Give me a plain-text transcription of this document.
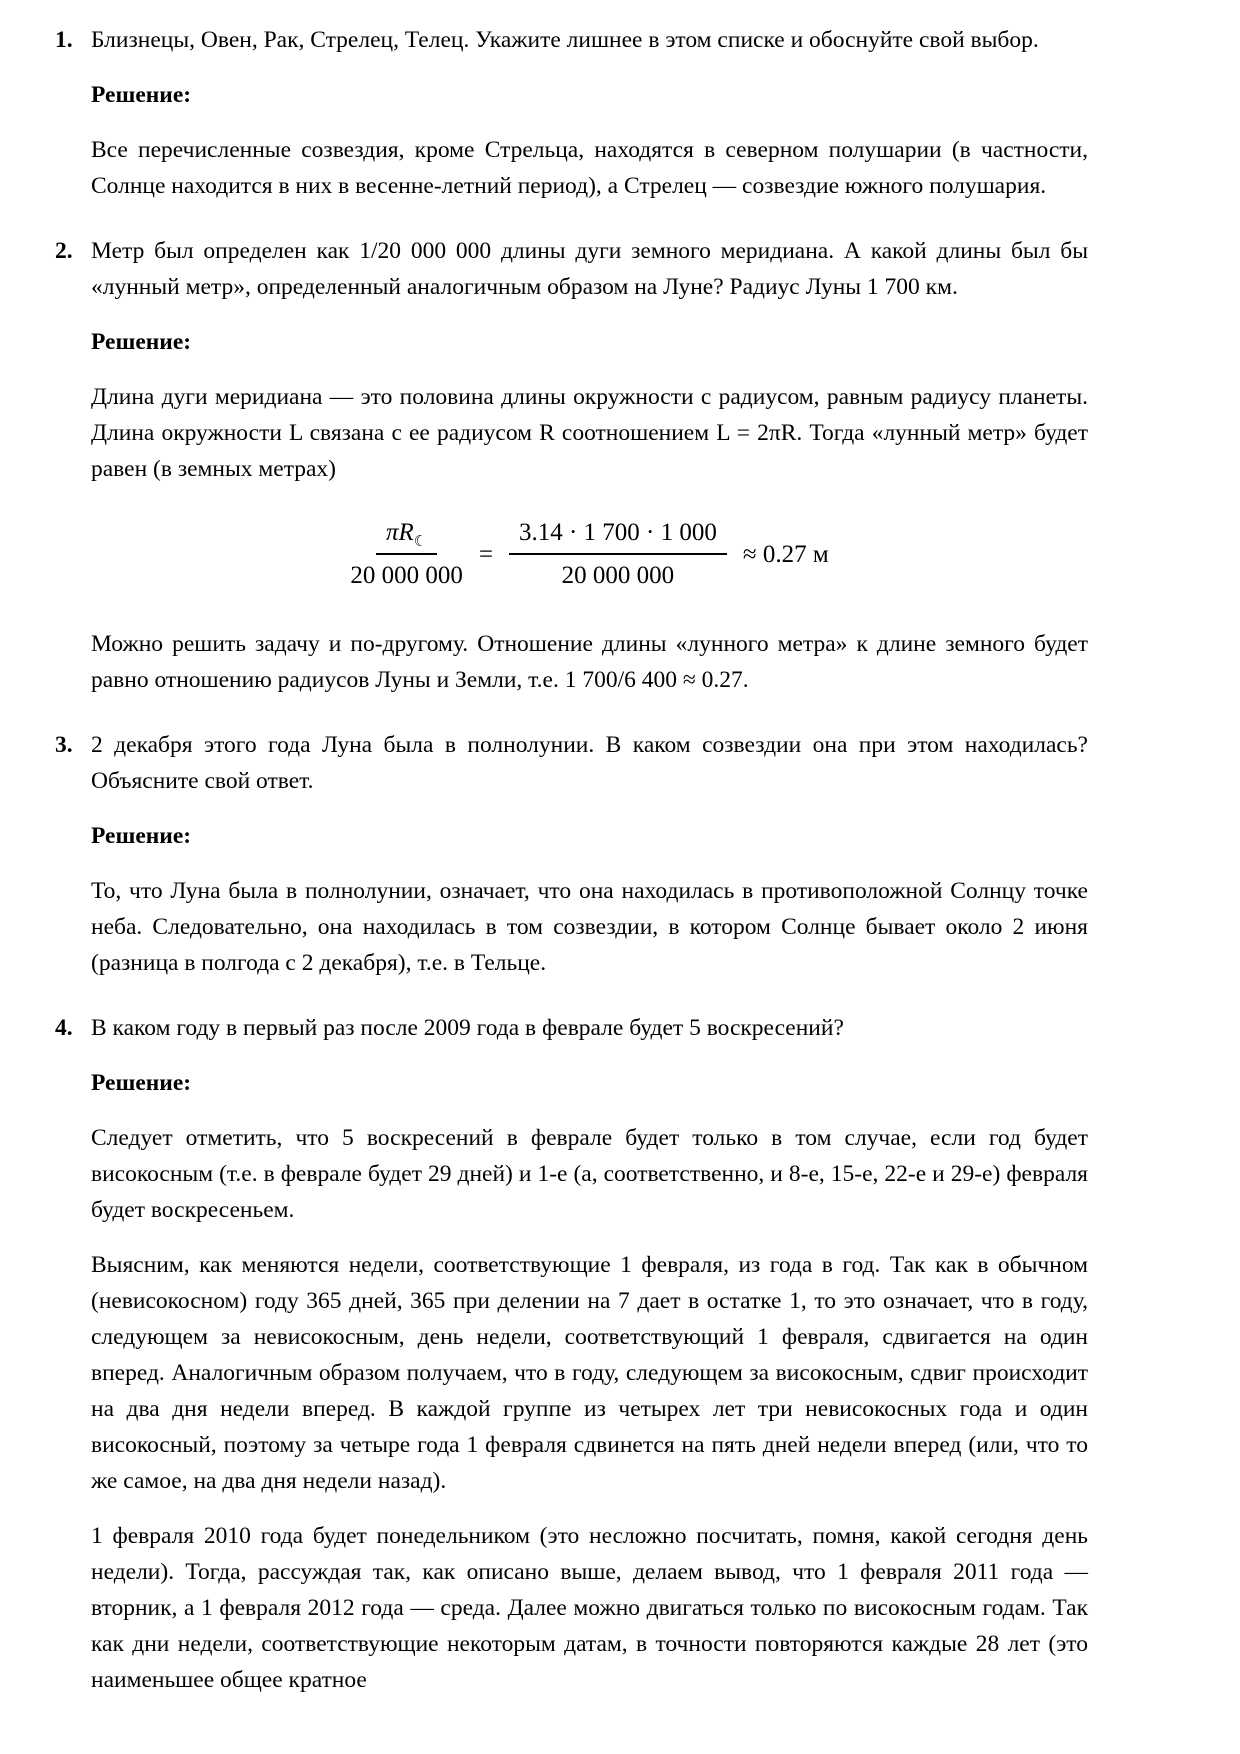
1. Близнецы, Овен, Рак, Стрелец, Телец. Укажите лишнее в этом списке и обоснуйте свой выбор.

Решение:

Все перечисленные созвездия, кроме Стрельца, находятся в северном полушарии (в частности, Солнце находится в них в весенне-летний период), а Стрелец — созвездие южного полушария.

2. Метр был определен как 1/20 000 000 длины дуги земного меридиана. А какой длины был бы «лунный метр», определенный аналогичным образом на Луне? Радиус Луны 1 700 км.

Решение:

Длина дуги меридиана — это половина длины окружности с радиусом, равным радиусу планеты. Длина окружности L связана с ее радиусом R соотношением L = 2πR. Тогда «лунный метр» будет равен (в земных метрах)

$\frac{\pi R_☾}{20 000 000} = \frac{3.14 \cdot 1 700 \cdot 1 000}{20 000 000} \approx 0.27$ м

Можно решить задачу и по-другому. Отношение длины «лунного метра» к длине земного будет равно отношению радиусов Луны и Земли, т.е. 1 700/6 400 ≈ 0.27.

3. 2 декабря этого года Луна была в полнолунии. В каком созвездии она при этом находилась? Объясните свой ответ.

Решение:

То, что Луна была в полнолунии, означает, что она находилась в противоположной Солнцу точке неба. Следовательно, она находилась в том созвездии, в котором Солнце бывает около 2 июня (разница в полгода с 2 декабря), т.е. в Тельце.

4. В каком году в первый раз после 2009 года в феврале будет 5 воскресений?

Решение:

Следует отметить, что 5 воскресений в феврале будет только в том случае, если год будет високосным (т.е. в феврале будет 29 дней) и 1-е (а, соответственно, и 8-е, 15-е, 22-е и 29-е) февраля будет воскресеньем.

Выясним, как меняются недели, соответствующие 1 февраля, из года в год. Так как в обычном (невисокосном) году 365 дней, 365 при делении на 7 дает в остатке 1, то это означает, что в году, следующем за невисокосным, день недели, соответствующий 1 февраля, сдвигается на один вперед. Аналогичным образом получаем, что в году, следующем за високосным, сдвиг происходит на два дня недели вперед. В каждой группе из четырех лет три невисокосных года и один високосный, поэтому за четыре года 1 февраля сдвинется на пять дней недели вперед (или, что то же самое, на два дня недели назад).

1 февраля 2010 года будет понедельником (это несложно посчитать, помня, какой сегодня день недели). Тогда, рассуждая так, как описано выше, делаем вывод, что 1 февраля 2011 года — вторник, а 1 февраля 2012 года — среда. Далее можно двигаться только по високосным годам. Так как дни недели, соответствующие некоторым датам, в точности повторяются каждые 28 лет (это наименьшее общее кратное
